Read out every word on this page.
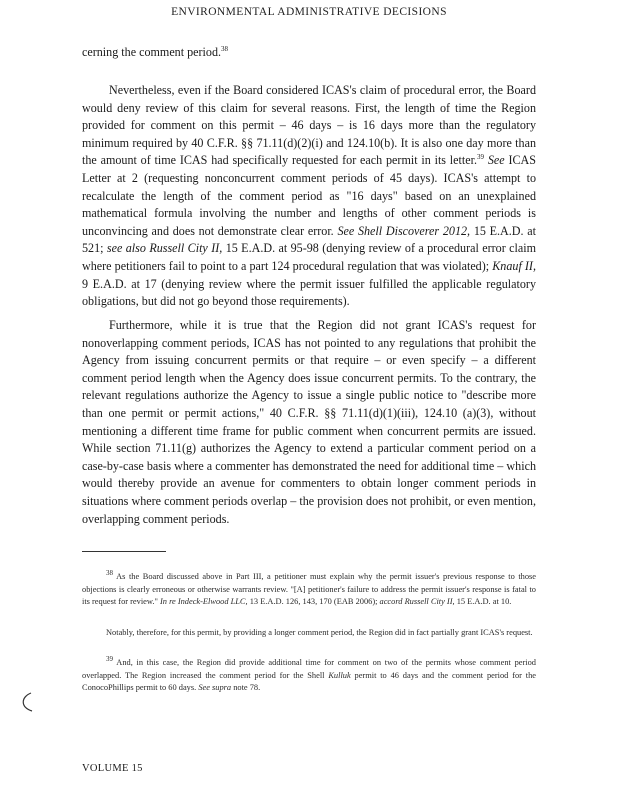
ENVIRONMENTAL ADMINISTRATIVE DECISIONS

cerning the comment period.$^{38}$

Nevertheless, even if the Board considered ICAS's claim of procedural error, the Board would deny review of this claim for several reasons. First, the length of time the Region provided for comment on this permit – 46 days – is 16 days more than the regulatory minimum required by 40 C.F.R. §§ 71.11(d)(2)(i) and 124.10(b). It is also one day more than the amount of time ICAS had specifically requested for each permit in its letter.$^{39}$ See ICAS Letter at 2 (requesting nonconcurrent comment periods of 45 days). ICAS's attempt to recalculate the length of the comment period as "16 days" based on an unexplained mathematical formula involving the number and lengths of other comment periods is unconvincing and does not demonstrate clear error. See Shell Discoverer 2012, 15 E.A.D. at 521; see also Russell City II, 15 E.A.D. at 95-98 (denying review of a procedural error claim where petitioners fail to point to a part 124 procedural regulation that was violated); Knauf II, 9 E.A.D. at 17 (denying review where the permit issuer fulfilled the applicable regulatory obligations, but did not go beyond those requirements).

Furthermore, while it is true that the Region did not grant ICAS's request for nonoverlapping comment periods, ICAS has not pointed to any regulations that prohibit the Agency from issuing concurrent permits or that require – or even specify – a different comment period length when the Agency does issue concurrent permits. To the contrary, the relevant regulations authorize the Agency to issue a single public notice to "describe more than one permit or permit actions," 40 C.F.R. §§ 71.11(d)(1)(iii), 124.10 (a)(3), without mentioning a different time frame for public comment when concurrent permits are issued. While section 71.11(g) authorizes the Agency to extend a particular comment period on a case-by-case basis where a commenter has demonstrated the need for additional time – which would thereby provide an avenue for commenters to obtain longer comment periods in situations where comment periods overlap – the provision does not prohibit, or even mention, overlapping comment periods.

$^{38}$ As the Board discussed above in Part III, a petitioner must explain why the permit issuer's previous response to those objections is clearly erroneous or otherwise warrants review. "[A] petitioner's failure to address the permit issuer's response is fatal to its request for review." In re Indeck-Elwood LLC, 13 E.A.D. 126, 143, 170 (EAB 2006); accord Russell City II, 15 E.A.D. at 10.

Notably, therefore, for this permit, by providing a longer comment period, the Region did in fact partially grant ICAS's request.

$^{39}$ And, in this case, the Region did provide additional time for comment on two of the permits whose comment period overlapped. The Region increased the comment period for the Shell Kulluk permit to 46 days and the comment period for the ConocoPhillips permit to 60 days. See supra note 78.

VOLUME 15
